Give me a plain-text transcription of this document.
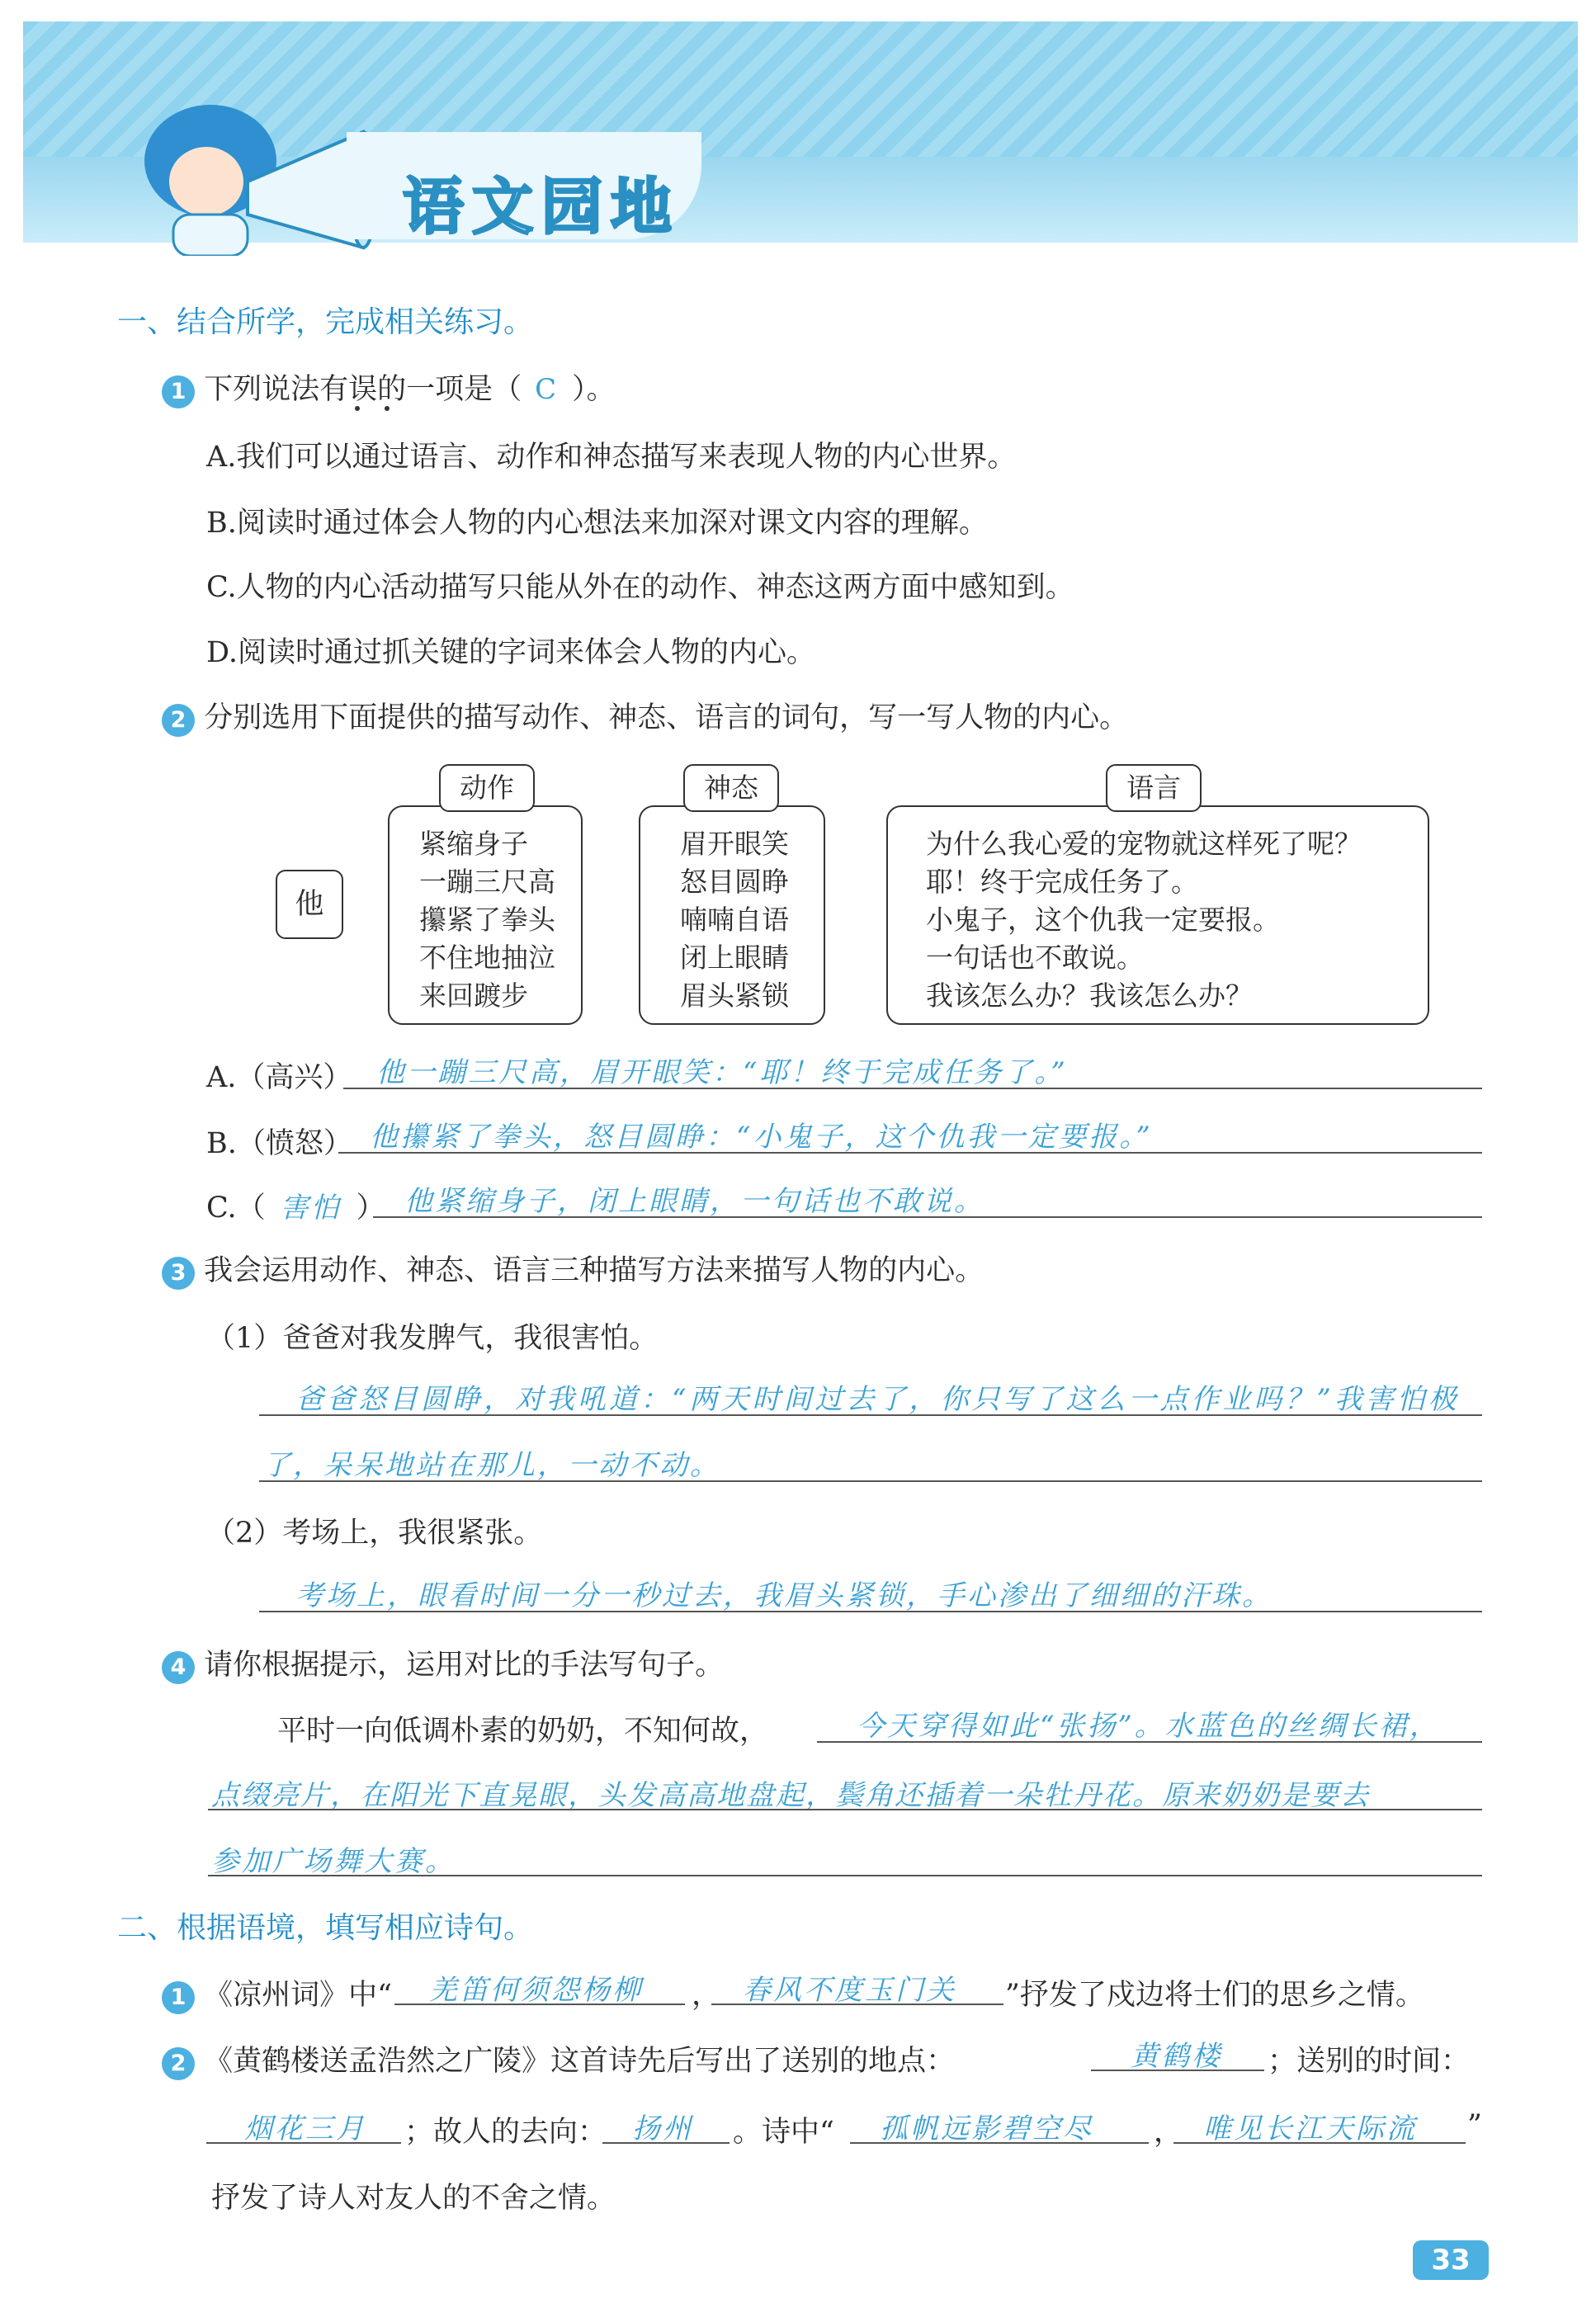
语文园地
一、结合所学，完成相关练习。
1 下列说法有误的一项是（ C ）。
A.我们可以通过语言、动作和神态描写来表现人物的内心世界。
B.阅读时通过体会人物的内心想法来加深对课文内容的理解。
C.人物的内心活动描写只能从外在的动作、神态这两方面中感知到。
D.阅读时通过抓关键的字词来体会人物的内心。
2 分别选用下面提供的描写动作、神态、语言的词句，写一写人物的内心。
他
紧缩身子
一蹦三尺高
攥紧了拳头
不住地抽泣
来回踱步
动作
眉开眼笑
怒目圆睁
喃喃自语
闭上眼睛
眉头紧锁
神态
为什么我心爱的宠物就这样死了呢？
耶！终于完成任务了。
小鬼子，这个仇我一定要报。
一句话也不敢说。
我该怎么办？我该怎么办？
语言
A.（高兴） 他一蹦三尺高，眉开眼笑：“耶！终于完成任务了。”
B.（愤怒） 他攥紧了拳头，怒目圆睁：“小鬼子，这个仇我一定要报。”
C.（ 害怕 ） 他紧缩身子，闭上眼睛，一句话也不敢说。
3 我会运用动作、神态、语言三种描写方法来描写人物的内心。
（1）爸爸对我发脾气，我很害怕。
爸爸怒目圆睁，对我吼道：“两天时间过去了，你只写了这么一点作业吗？”我害怕极
了，呆呆地站在那儿，一动不动。
（2）考场上，我很紧张。
考场上，眼看时间一分一秒过去，我眉头紧锁，手心渗出了细细的汗珠。
4 请你根据提示，运用对比的手法写句子。
平时一向低调朴素的奶奶，不知何故，	今天穿得如此“张扬”。水蓝色的丝绸长裙，
点缀亮片，在阳光下直晃眼，头发高高地盘起，鬓角还插着一朵牡丹花。原来奶奶是要去
参加广场舞大赛。
二、根据语境，填写相应诗句。
1 《凉州词》中“ 羌笛何须怨杨柳 ， 春风不度玉门关 ”抒发了戍边将士们的思乡之情。
2 《黄鹤楼送孟浩然之广陵》这首诗先后写出了送别的地点：	黄鹤楼 ；送别的时间：
烟花三月 ；故人的去向： 扬州 。诗中“ 孤帆远影碧空尽 ， 唯见长江天际流 ”
抒发了诗人对友人的不舍之情。
33
